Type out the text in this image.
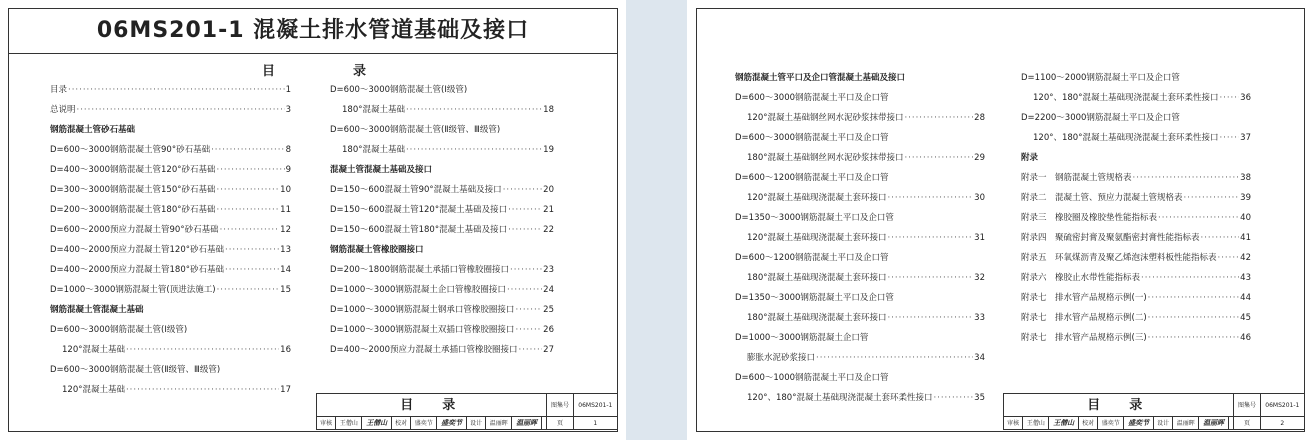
06MS201-1 混凝土排水管道基础及接口
目　　　　　　录
目录 ·····	1
总说明 ·····	3
钢筋混凝土管砂石基础
D=600～3000钢筋混凝土管90°砂石基础 ·····	8
D=400～3000钢筋混凝土管120°砂石基础 ·····	9
D=300～3000钢筋混凝土管150°砂石基础 ·····	10
D=200～3000钢筋混凝土管180°砂石基础 ·····	11
D=600～2000预应力混凝土管90°砂石基础 ·····	12
D=400～2000预应力混凝土管120°砂石基础 ·····	13
D=400～2000预应力混凝土管180°砂石基础 ·····	14
D=1000～3000钢筋混凝土管(顶进法施工) ·····	15
钢筋混凝土管混凝土基础
D=600～3000钢筋混凝土管(Ⅰ级管)
120°混凝土基础 ·····	16
D=600～3000钢筋混凝土管(Ⅱ级管、Ⅲ级管)
120°混凝土基础 ·····	17
D=600～3000钢筋混凝土管(Ⅰ级管)
180°混凝土基础 ·····	18
D=600～3000钢筋混凝土管(Ⅱ级管、Ⅲ级管)
180°混凝土基础 ·····	19
混凝土管混凝土基础及接口
D=150～600混凝土管90°混凝土基础及接口 ·····	20
D=150～600混凝土管120°混凝土基础及接口 ·····	21
D=150～600混凝土管180°混凝土基础及接口 ·····	22
钢筋混凝土管橡胶圈接口
D=200～1800钢筋混凝土承插口管橡胶圈接口 ·····	23
D=1000～3000钢筋混凝土企口管橡胶圈接口 ·····	24
D=1000～3000钢筋混凝土钢承口管橡胶圈接口 ·····	25
D=1000～3000钢筋混凝土双插口管橡胶圈接口 ·····	26
D=400～2000预应力混凝土承插口管橡胶圈接口 ·····	27
目　录										图集号	06MS201-1
审核	王僧山	王僧山	校对	盛奕节	盛奕节	设计	温丽晖	温丽晖		页	1
钢筋混凝土管平口及企口管混凝土基础及接口
D=600～3000钢筋混凝土平口及企口管
120°混凝土基础钢丝网水泥砂浆抹带接口 ·····	28
D=600～3000钢筋混凝土平口及企口管
180°混凝土基础钢丝网水泥砂浆抹带接口 ·····	29
D=600～1200钢筋混凝土平口及企口管
120°混凝土基础现浇混凝土套环接口 ·····	30
D=1350～3000钢筋混凝土平口及企口管
120°混凝土基础现浇混凝土套环接口 ·····	31
D=600～1200钢筋混凝土平口及企口管
180°混凝土基础现浇混凝土套环接口 ·····	32
D=1350～3000钢筋混凝土平口及企口管
180°混凝土基础现浇混凝土套环接口 ·····	33
D=1000～3000钢筋混凝土企口管
膨胀水泥砂浆接口 ·····	34
D=600～1000钢筋混凝土平口及企口管
120°、180°混凝土基础现浇混凝土套环柔性接口 ·····	35
D=1100～2000钢筋混凝土平口及企口管
120°、180°混凝土基础现浇混凝土套环柔性接口 ·····	36
D=2200～3000钢筋混凝土平口及企口管
120°、180°混凝土基础现浇混凝土套环柔性接口 ·····	37
附录
附录一　钢筋混凝土管规格表 ·····	38
附录二　混凝土管、预应力混凝土管规格表 ·····	39
附录三　橡胶圈及橡胶垫性能指标表 ·····	40
附录四　聚硫密封膏及聚氨酯密封膏性能指标表 ·····	41
附录五　环氧煤沥青及聚乙烯泡沫塑料板性能指标表 ·····	42
附录六　橡胶止水带性能指标表 ·····	43
附录七　排水管产品规格示例(一) ·····	44
附录七　排水管产品规格示例(二) ·····	45
附录七　排水管产品规格示例(三) ·····	46
目　录										图集号	06MS201-1
审核	王僧山	王僧山	校对	盛奕节	盛奕节	设计	温丽晖	温丽晖		页	2
